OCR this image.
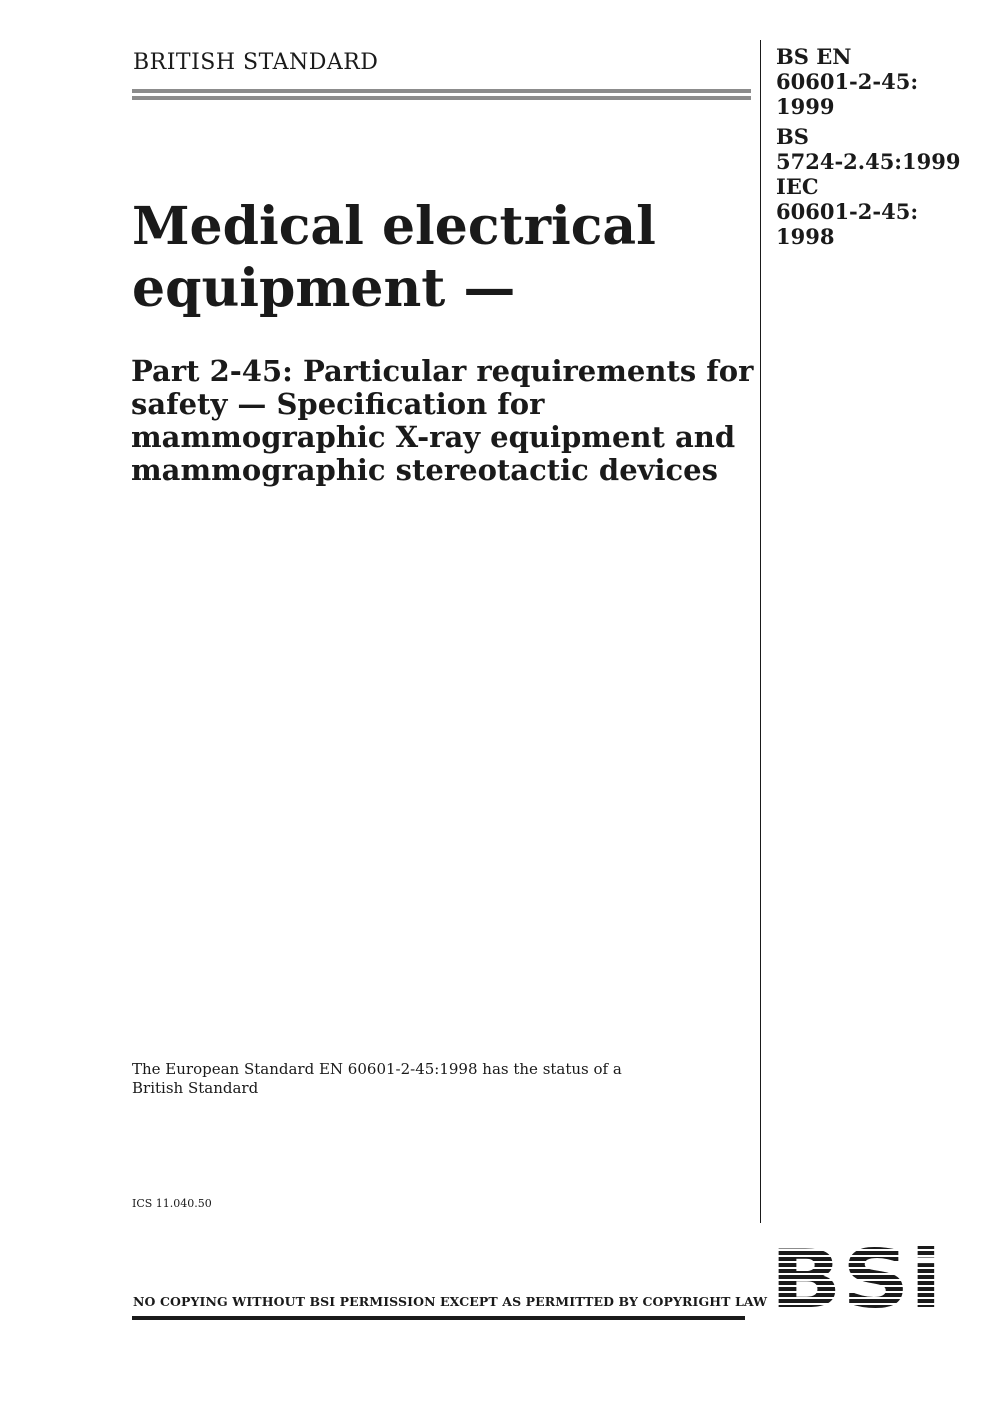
BRITISH STANDARD	BS EN
60601-2-45:
1999
BS
5724-2.45:1999
IEC
60601-2-45:
1998
Medical electrical
equipment —
Part 2-45: Particular requirements for
safety — Specification for
mammographic X-ray equipment and
mammographic stereotactic devices
The European Standard EN 60601-2-45:1998 has the status of a
British Standard
ICS 11.040.50
NO COPYING WITHOUT BSI PERMISSION EXCEPT AS PERMITTED BY COPYRIGHT LAW
